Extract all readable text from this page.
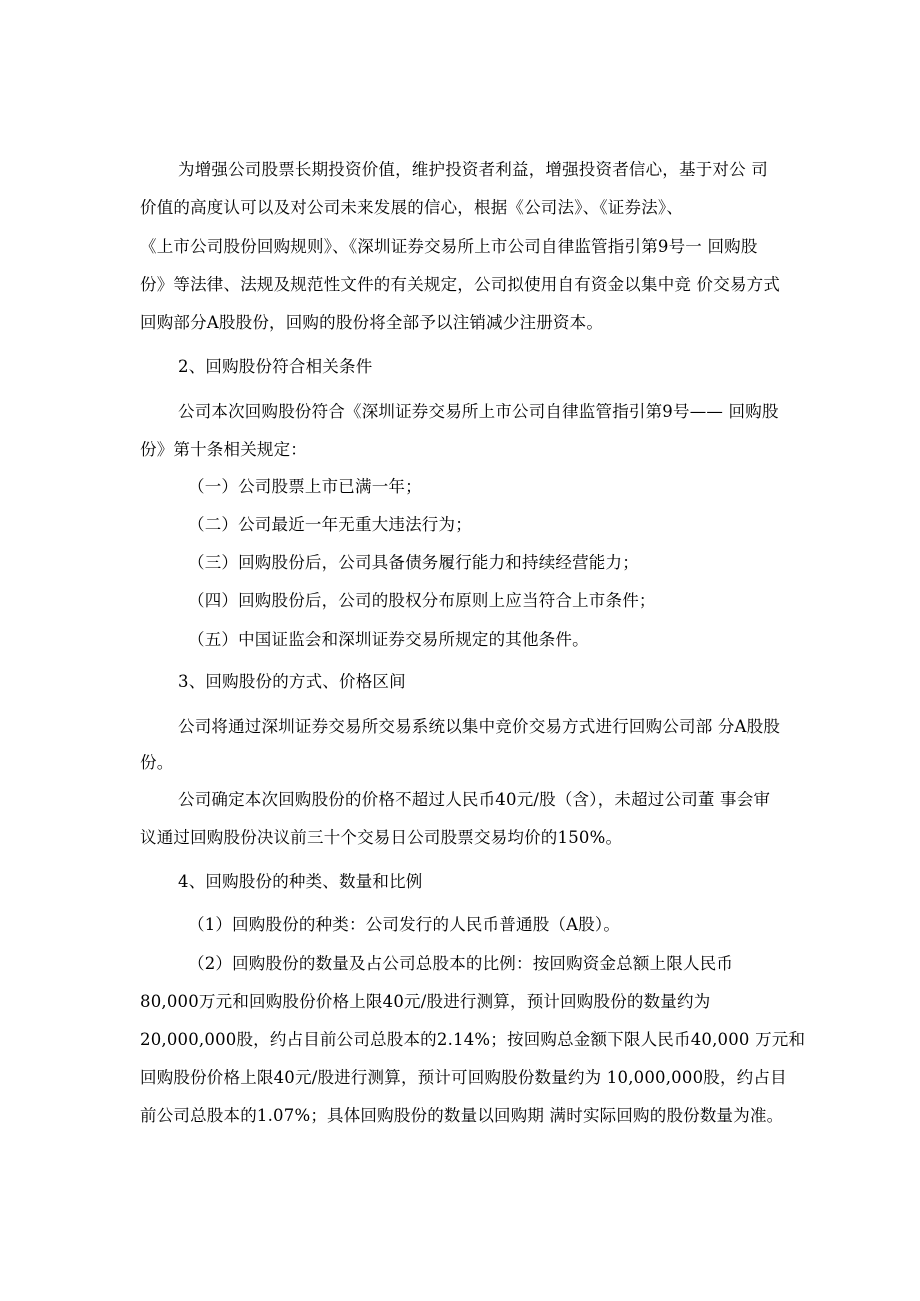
为增强公司股票长期投资价值，维护投资者利益，增强投资者信心，基于对公 司
价值的高度认可以及对公司未来发展的信心，根据《公司法》、《证券法》、
《上市公司股份回购规则》、《深圳证券交易所上市公司自律监管指引第9号一 回购股
份》等法律、法规及规范性文件的有关规定，公司拟使用自有资金以集中竞 价交易方式
回购部分A股股份，回购的股份将全部予以注销减少注册资本。
2、回购股份符合相关条件
公司本次回购股份符合《深圳证券交易所上市公司自律监管指引第9号—— 回购股
份》第十条相关规定：
（一）公司股票上市已满一年；
（二）公司最近一年无重大违法行为；
（三）回购股份后，公司具备债务履行能力和持续经营能力；
（四）回购股份后，公司的股权分布原则上应当符合上市条件；
（五）中国证监会和深圳证券交易所规定的其他条件。
3、回购股份的方式、价格区间
公司将通过深圳证券交易所交易系统以集中竞价交易方式进行回购公司部 分A股股
份。
公司确定本次回购股份的价格不超过人民币40元/股（含），未超过公司董 事会审
议通过回购股份决议前三十个交易日公司股票交易均价的150%。
4、回购股份的种类、数量和比例
（1）回购股份的种类：公司发行的人民币普通股（A股）。
（2）回购股份的数量及占公司总股本的比例：按回购资金总额上限人民币
80,000万元和回购股份价格上限40元/股进行测算，预计回购股份的数量约为
20,000,000股，约占目前公司总股本的2.14%；按回购总金额下限人民币40,000 万元和
回购股份价格上限40元/股进行测算，预计可回购股份数量约为 10,000,000股，约占目
前公司总股本的1.07%；具体回购股份的数量以回购期 满时实际回购的股份数量为准。
